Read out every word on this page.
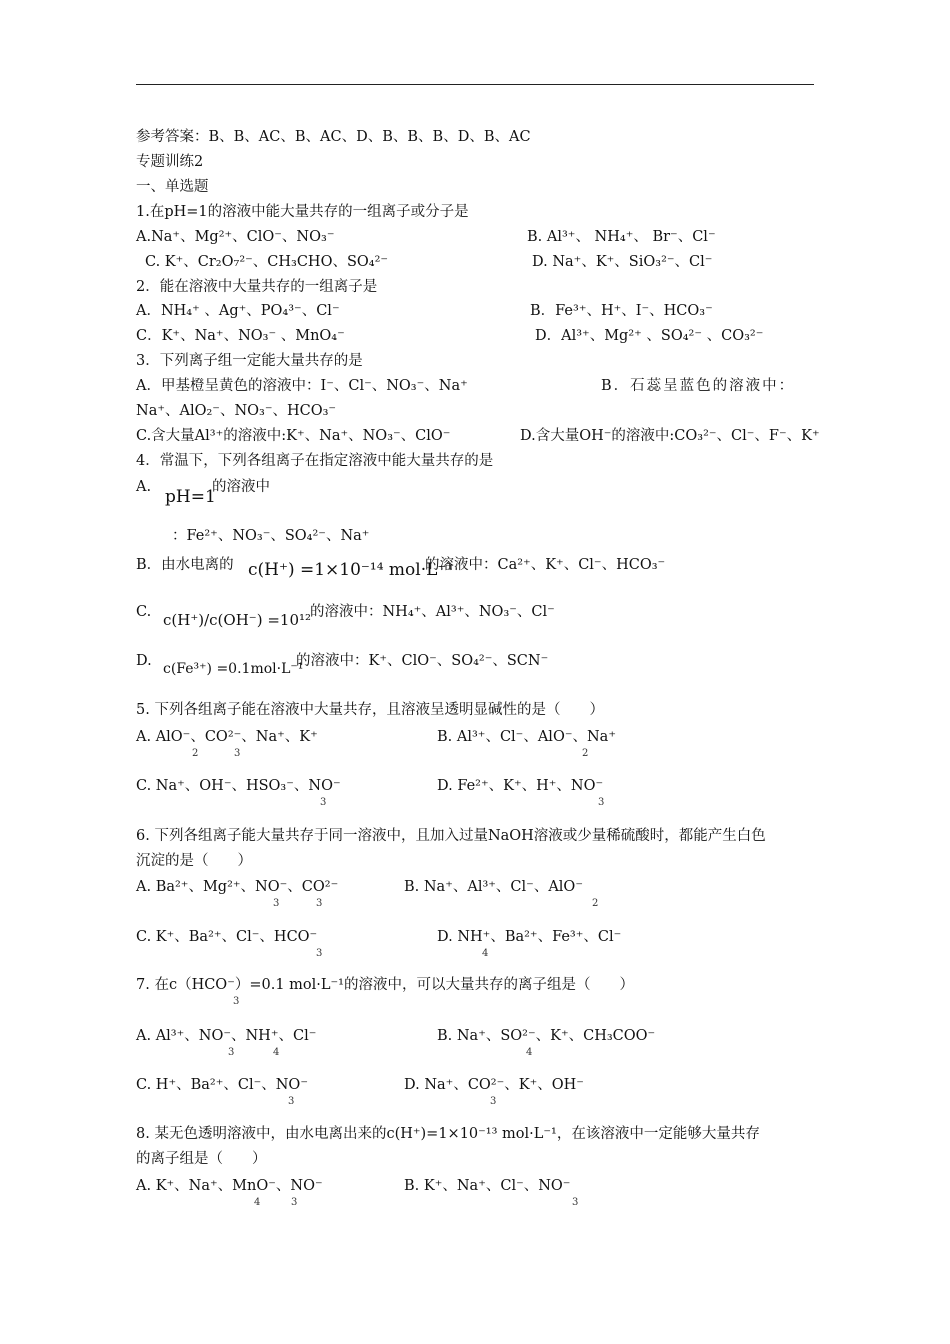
参考答案：B、B、AC、B、AC、D、B、B、B、D、B、AC
专题训练2
一、单选题
1.在pH=1的溶液中能大量共存的一组离子或分子是
A.Na⁺、Mg²⁺、ClO⁻、NO₃⁻	B. Al³⁺、 NH₄⁺、 Br⁻、Cl⁻
C. K⁺、Cr₂O₇²⁻、CH₃CHO、SO₄²⁻	D. Na⁺、K⁺、SiO₃²⁻、Cl⁻
2．能在溶液中大量共存的一组离子是
A．NH₄⁺ 、Ag⁺、PO₄³⁻、Cl⁻	B．Fe³⁺、H⁺、I⁻、HCO₃⁻
C．K⁺、Na⁺、NO₃⁻ 、MnO₄⁻	D．Al³⁺、Mg²⁺ 、SO₄²⁻ 、CO₃²⁻
3．下列离子组一定能大量共存的是
A．甲基橙呈黄色的溶液中：I⁻、Cl⁻、NO₃⁻、Na⁺	B．石蕊呈蓝色的溶液中：
Na⁺、AlO₂⁻、NO₃⁻、HCO₃⁻
C.含大量Al³⁺的溶液中:K⁺、Na⁺、NO₃⁻、ClO⁻	D.含大量OH⁻的溶液中:CO₃²⁻、Cl⁻、F⁻、K⁺
4．常温下，下列各组离子在指定溶液中能大量共存的是
A. pH=1
的溶液中
：Fe²⁺、NO₃⁻、SO₄²⁻、Na⁺
B．由水电离的 c(H⁺) =1×10⁻¹⁴ mol·L⁻¹
的溶液中：Ca²⁺、K⁺、Cl⁻、HCO₃⁻
C. c(H⁺)/c(OH⁻) =10¹²
的溶液中：NH₄⁺、Al³⁺、NO₃⁻、Cl⁻
D. c(Fe³⁺) =0.1mol·L⁻¹
的溶液中：K⁺、ClO⁻、SO₄²⁻、SCN⁻
5. 下列各组离子能在溶液中大量共存，且溶液呈透明显碱性的是（　　）
A. AlO⁻、CO²⁻、Na⁺、K⁺
2	3
B. Al³⁺、Cl⁻、AlO⁻、Na⁺
2
C. Na⁺、OH⁻、HSO₃⁻、NO⁻
3
D. Fe²⁺、K⁺、H⁺、NO⁻
3
6. 下列各组离子能大量共存于同一溶液中，且加入过量NaOH溶液或少量稀硫酸时，都能产生白色
沉淀的是（　　）
A. Ba²⁺、Mg²⁺、NO⁻、CO²⁻
3	3
B. Na⁺、Al³⁺、Cl⁻、AlO⁻
2
C. K⁺、Ba²⁺、Cl⁻、HCO⁻
3
D. NH⁺、Ba²⁺、Fe³⁺、Cl⁻
4
7. 在c（HCO⁻）=0.1 mol·L⁻¹的溶液中，可以大量共存的离子组是（　　）
3
A. Al³⁺、NO⁻、NH⁺、Cl⁻
3	4
B. Na⁺、SO²⁻、K⁺、CH₃COO⁻
4
C. H⁺、Ba²⁺、Cl⁻、NO⁻
3
D. Na⁺、CO²⁻、K⁺、OH⁻
3
8. 某无色透明溶液中，由水电离出来的c(H⁺)=1×10⁻¹³ mol·L⁻¹，在该溶液中一定能够大量共存
的离子组是（　　）
A. K⁺、Na⁺、MnO⁻、NO⁻
4	3
B. K⁺、Na⁺、Cl⁻、NO⁻
3
